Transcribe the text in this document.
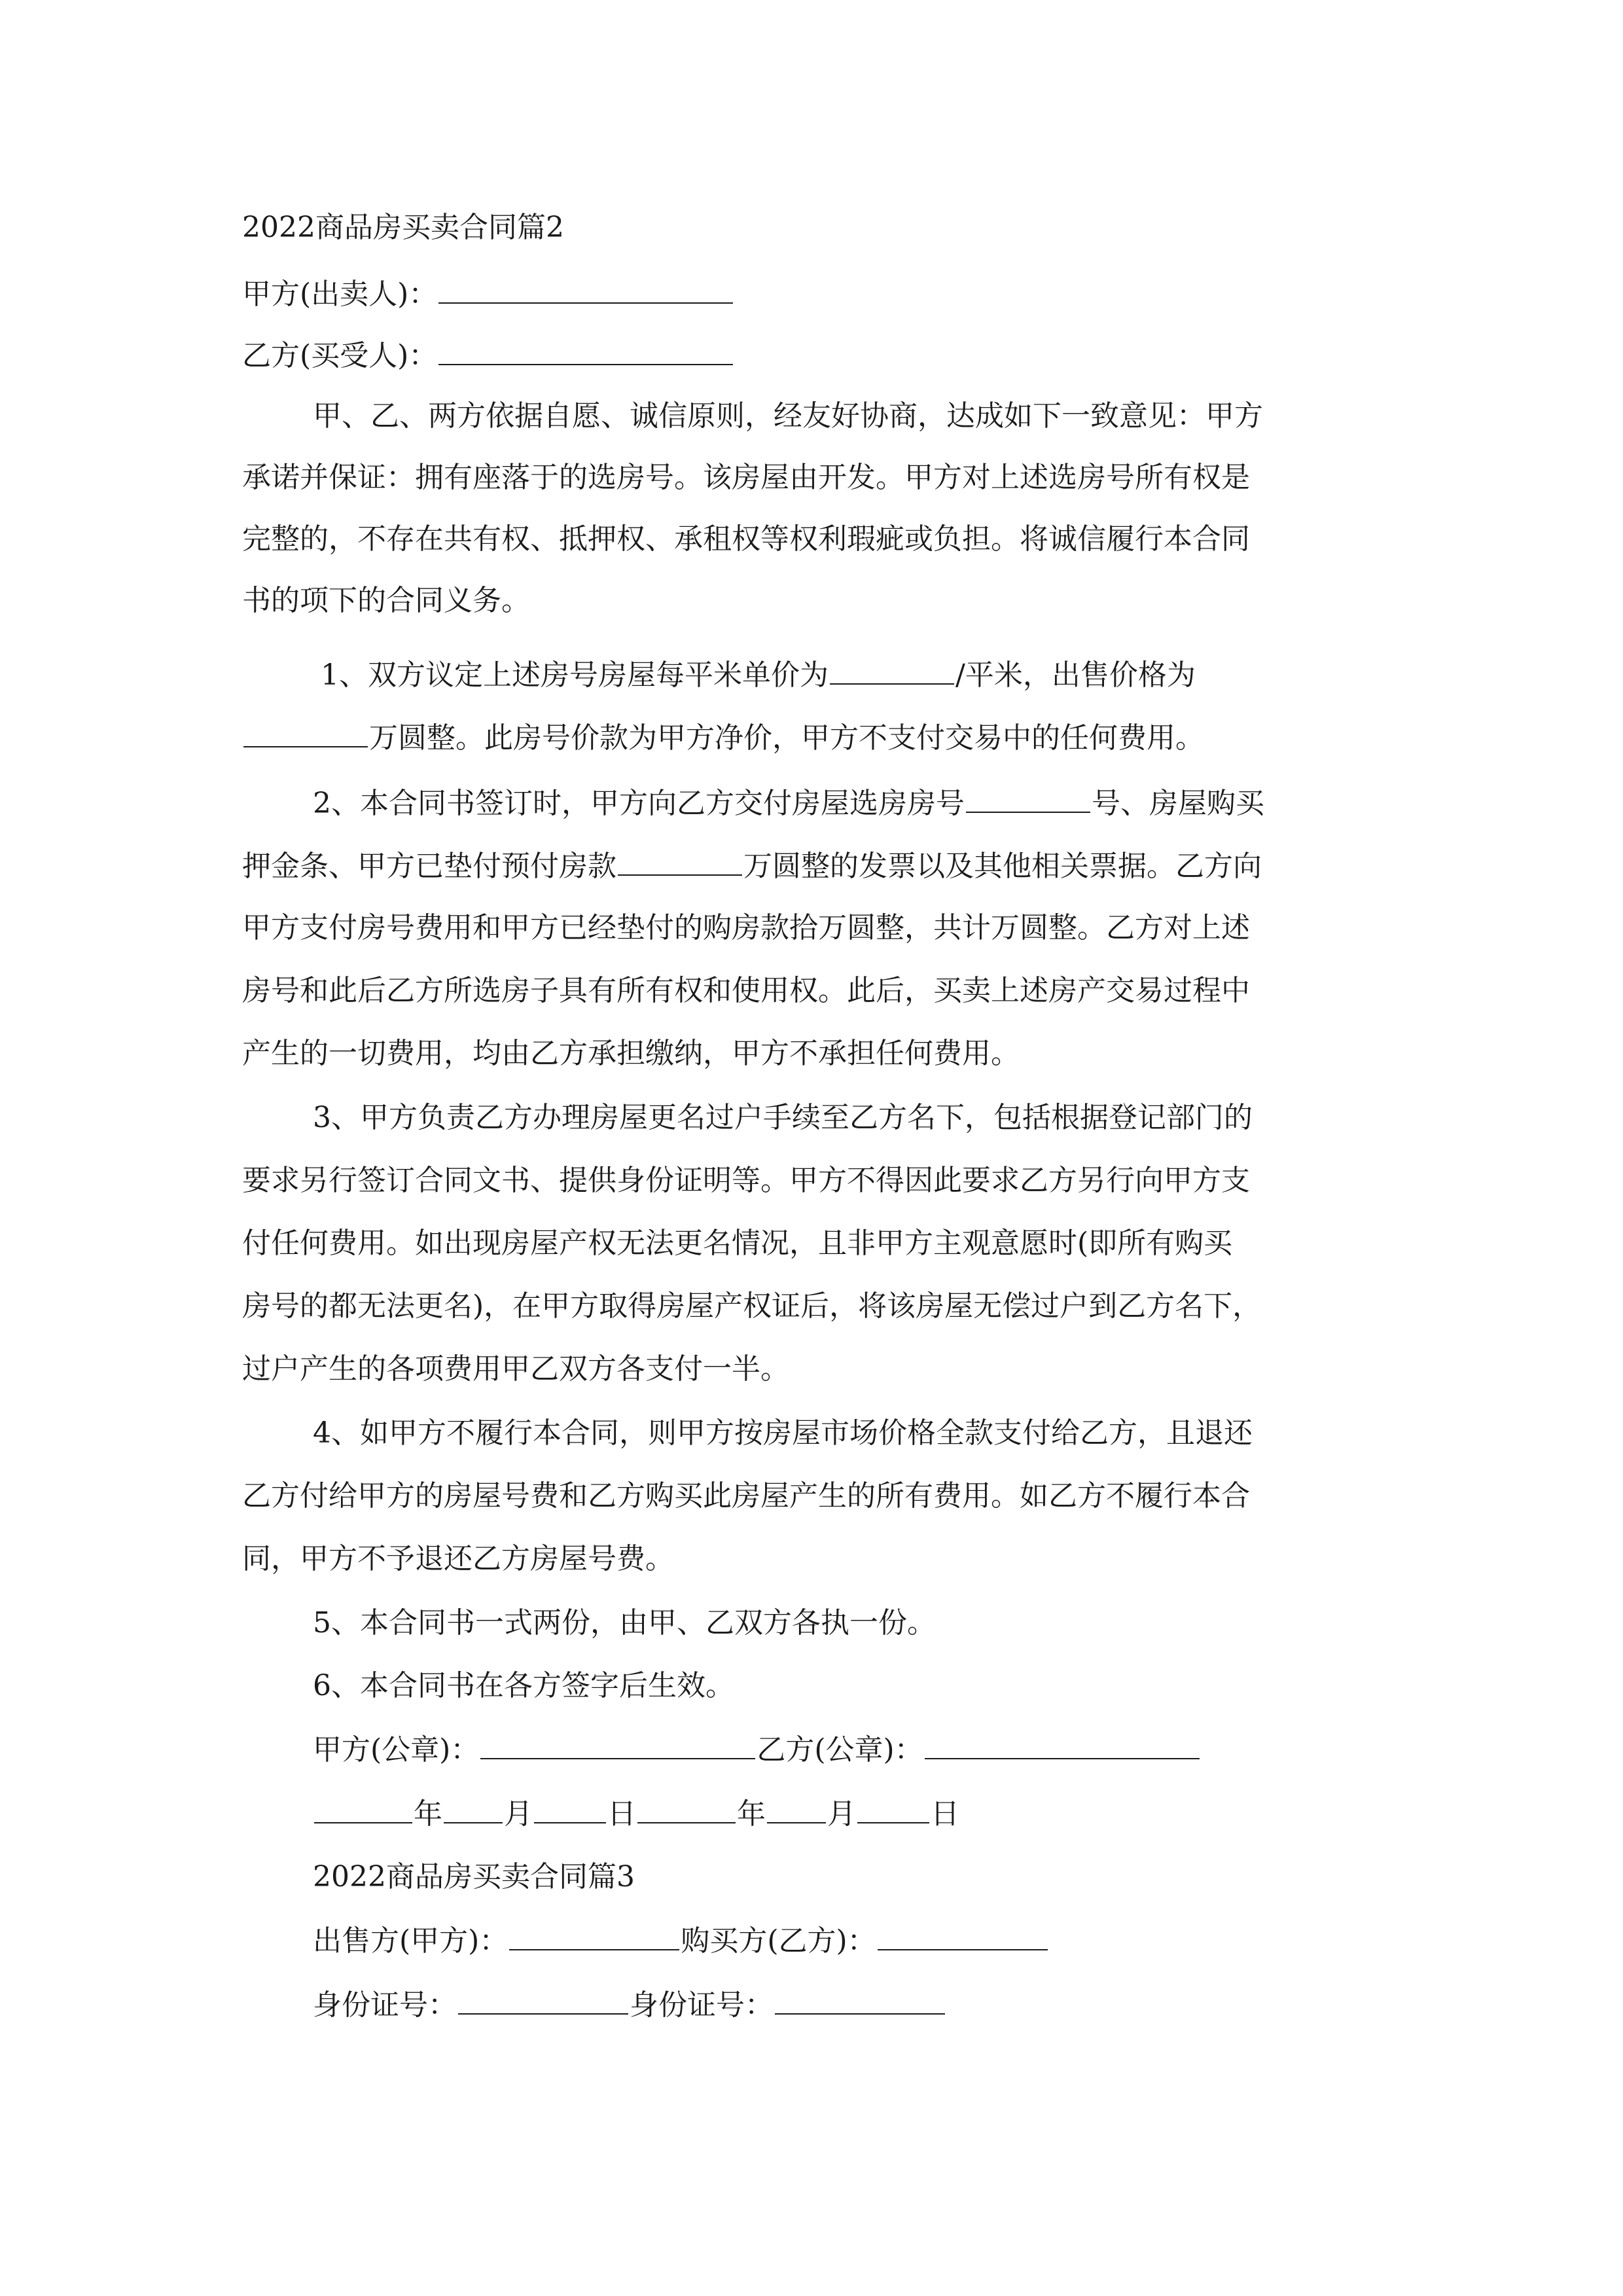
2022商品房买卖合同篇2
甲方(出卖人)：
乙方(买受人)：
甲、乙、两方依据自愿、诚信原则，经友好协商，达成如下一致意见：甲方
承诺并保证：拥有座落于的选房号。该房屋由开发。甲方对上述选房号所有权是
完整的，不存在共有权、抵押权、承租权等权利瑕疵或负担。将诚信履行本合同
书的项下的合同义务。
1、双方议定上述房号房屋每平米单价为	/平米，出售价格为
万圆整。此房号价款为甲方净价，甲方不支付交易中的任何费用。
2、本合同书签订时，甲方向乙方交付房屋选房房号	号、房屋购买
押金条、甲方已垫付预付房款	万圆整的发票以及其他相关票据。乙方向
甲方支付房号费用和甲方已经垫付的购房款拾万圆整，共计万圆整。乙方对上述
房号和此后乙方所选房子具有所有权和使用权。此后，买卖上述房产交易过程中
产生的一切费用，均由乙方承担缴纳，甲方不承担任何费用。
3、甲方负责乙方办理房屋更名过户手续至乙方名下，包括根据登记部门的
要求另行签订合同文书、提供身份证明等。甲方不得因此要求乙方另行向甲方支
付任何费用。如出现房屋产权无法更名情况，且非甲方主观意愿时(即所有购买
房号的都无法更名)，在甲方取得房屋产权证后，将该房屋无偿过户到乙方名下，
过户产生的各项费用甲乙双方各支付一半。
4、如甲方不履行本合同，则甲方按房屋市场价格全款支付给乙方，且退还
乙方付给甲方的房屋号费和乙方购买此房屋产生的所有费用。如乙方不履行本合
同，甲方不予退还乙方房屋号费。
5、本合同书一式两份，由甲、乙双方各执一份。
6、本合同书在各方签字后生效。
甲方(公章)：	乙方(公章)：
年 月	日	年 月	日
2022商品房买卖合同篇3
出售方(甲方)：	购买方(乙方)：
身份证号：	身份证号：
